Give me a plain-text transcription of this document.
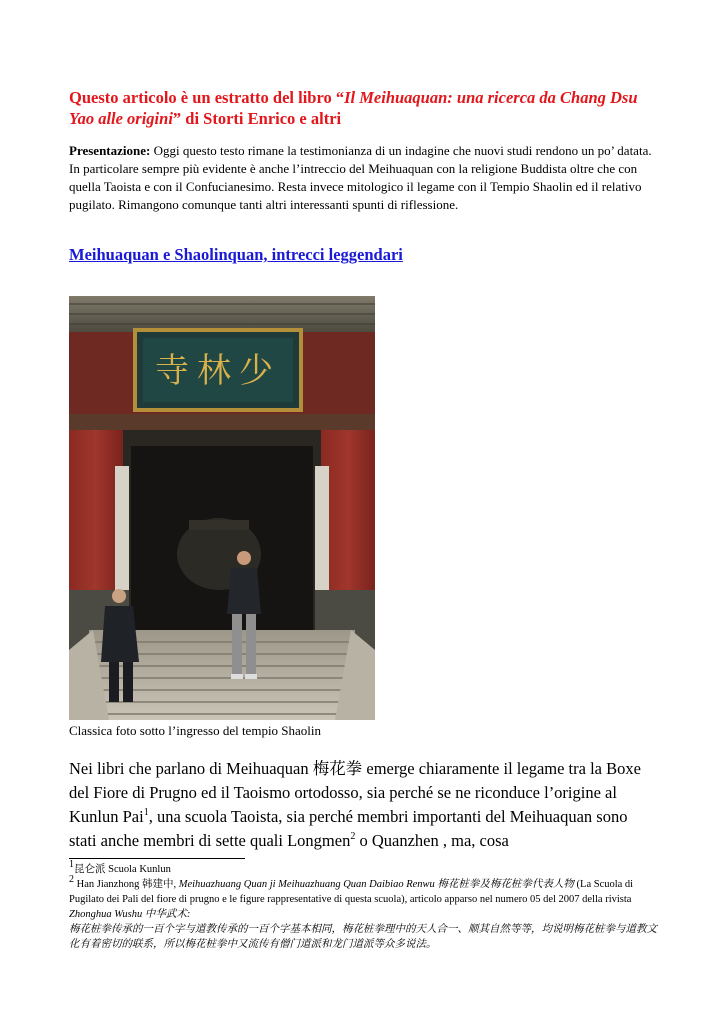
Questo articolo è un estratto del libro “Il Meihuaquan: una ricerca da Chang Dsu Yao alle origini” di Storti Enrico e altri

Presentazione: Oggi questo testo rimane la testimonianza di un indagine che nuovi studi rendono un po’ datata. In particolare sempre più evidente è anche l’intreccio del Meihuaquan con la religione Buddista oltre che con quella Taoista e con il Confucianesimo. Resta invece mitologico il legame con il Tempio Shaolin ed il relativo pugilato. Rimangono comunque tanti altri interessanti spunti di riflessione.

Meihuaquan e Shaolinquan, intrecci leggendari
寺林少

Classica foto sotto l’ingresso del tempio Shaolin

Nei libri che parlano di Meihuaquan 梅花拳 emerge chiaramente il legame tra la Boxe del Fiore di Prugno ed il Taoismo ortodosso, sia perché se ne riconduce l’origine al Kunlun Pai$^1$, una scuola Taoista, sia perché membri importanti del Meihuaquan sono stati anche membri di sette quali Longmen$^2$ o Quanzhen , ma, cosa

$^1$昆仑派 Scuola Kunlun

$^2$ Han Jianzhong 韩建中, Meihuazhuang Quan ji Meihuazhuang Quan Daibiao Renwu 梅花桩拳及梅花桩拳代表人物 (La Scuola di Pugilato dei Pali del fiore di prugno e le figure rappresentative di questa scuola), articolo apparso nel numero 05 del 2007 della rivista Zhonghua Wushu 中华武术:

梅花桩拳传承的一百个字与道教传承的一百个字基本相同，梅花桩拳理中的天人合一、顺其自然等等，均说明梅花桩拳与道教文化有着密切的联系，所以梅花桩拳中又流传有僧门道派和龙门道派等众多说法。
